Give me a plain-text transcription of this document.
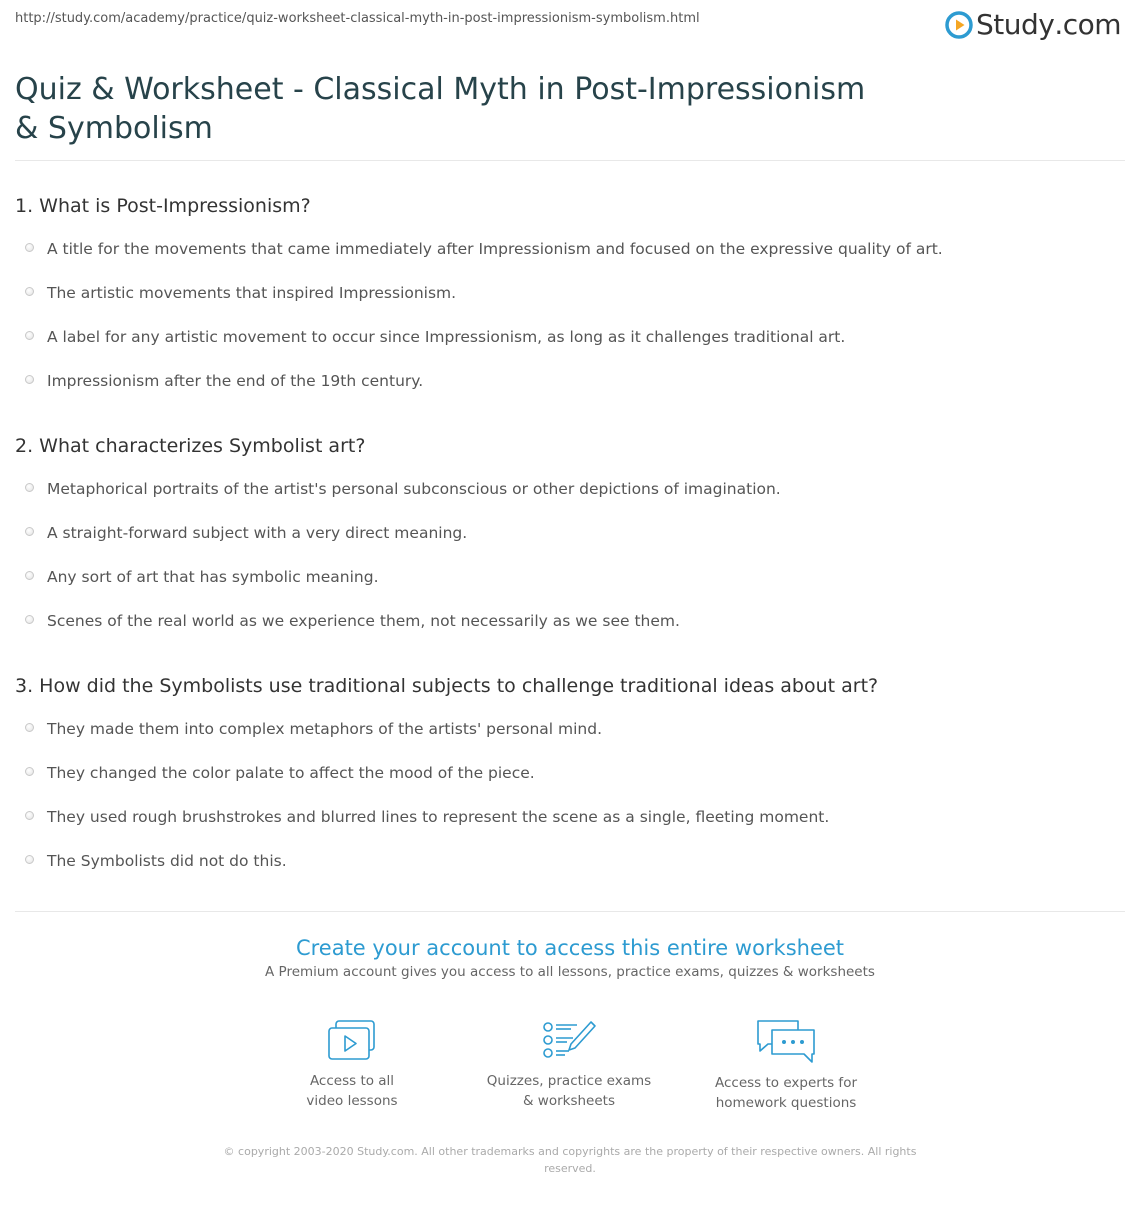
http://study.com/academy/practice/quiz-worksheet-classical-myth-in-post-impressionism-symbolism.html	Study .com
Quiz & Worksheet - Classical Myth in Post-Impressionism & Symbolism
1. What is Post-Impressionism?
A title for the movements that came immediately after Impressionism and focused on the expressive quality of art.
The artistic movements that inspired Impressionism.
A label for any artistic movement to occur since Impressionism, as long as it challenges traditional art.
Impressionism after the end of the 19th century.
2. What characterizes Symbolist art?
Metaphorical portraits of the artist's personal subconscious or other depictions of imagination.
A straight-forward subject with a very direct meaning.
Any sort of art that has symbolic meaning.
Scenes of the real world as we experience them, not necessarily as we see them.
3. How did the Symbolists use traditional subjects to challenge traditional ideas about art?
They made them into complex metaphors of the artists' personal mind.
They changed the color palate to affect the mood of the piece.
They used rough brushstrokes and blurred lines to represent the scene as a single, fleeting moment.
The Symbolists did not do this.
Create your account to access this entire worksheet
A Premium account gives you access to all lessons, practice exams, quizzes & worksheets
Access to all
video lessons
Quizzes, practice exams
& worksheets
Access to experts for
homework questions
© copyright 2003-2020 Study.com. All other trademarks and copyrights are the property of their respective owners. All rights
reserved.
